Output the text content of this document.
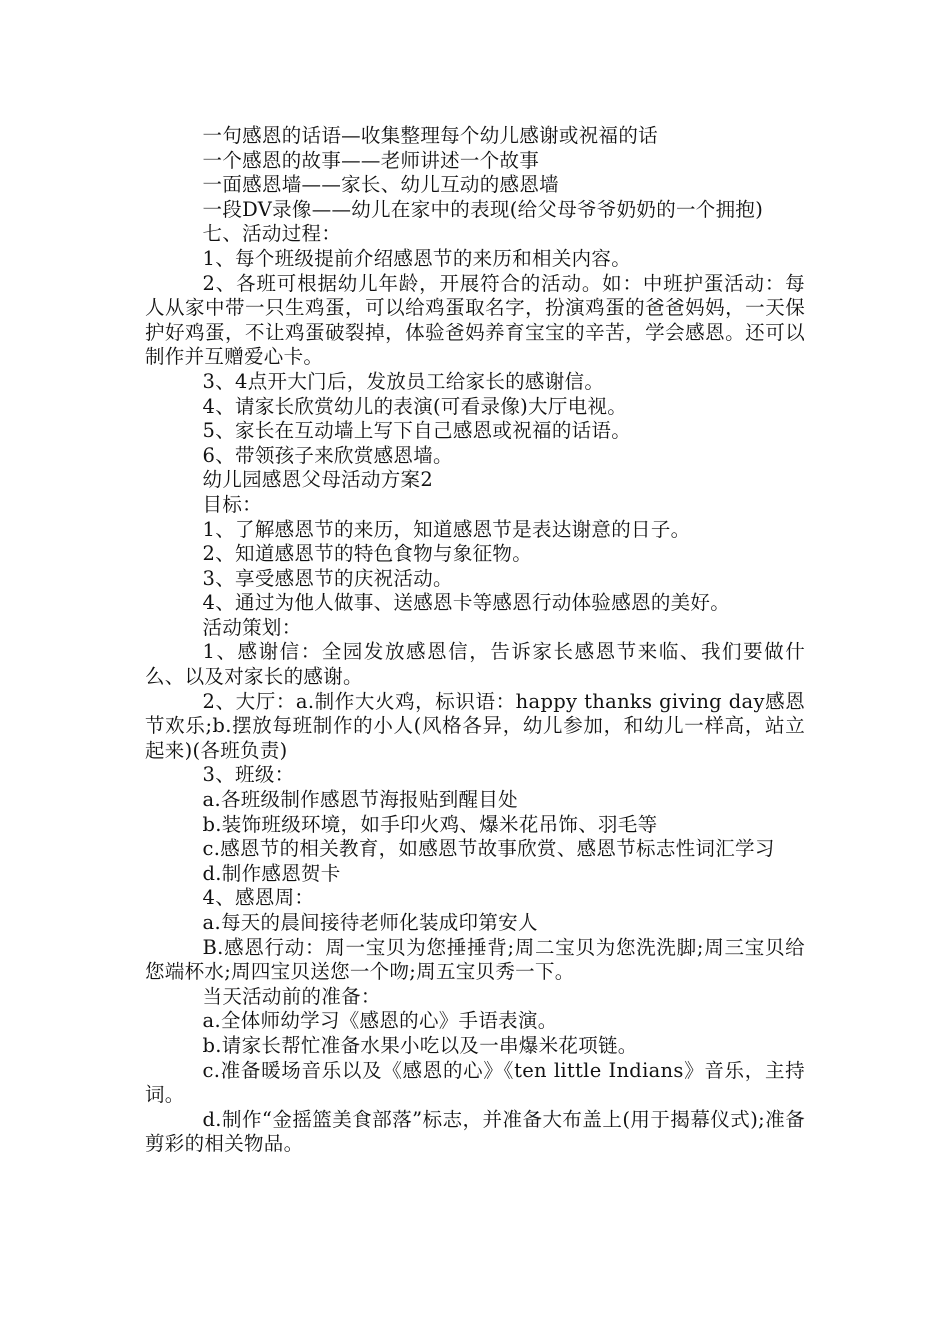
一句感恩的话语—收集整理每个幼儿感谢或祝福的话

一个感恩的故事——老师讲述一个故事

一面感恩墙——家长、幼儿互动的感恩墙

一段DV录像——幼儿在家中的表现(给父母爷爷奶奶的一个拥抱)

七、活动过程：

1、每个班级提前介绍感恩节的来历和相关内容。

2、各班可根据幼儿年龄，开展符合的活动。如：中班护蛋活动：每人从家中带一只生鸡蛋，可以给鸡蛋取名字，扮演鸡蛋的爸爸妈妈，一天保护好鸡蛋，不让鸡蛋破裂掉，体验爸妈养育宝宝的辛苦，学会感恩。还可以制作并互赠爱心卡。

3、4点开大门后，发放员工给家长的感谢信。

4、请家长欣赏幼儿的表演(可看录像)大厅电视。

5、家长在互动墙上写下自己感恩或祝福的话语。

6、带领孩子来欣赏感恩墙。

幼儿园感恩父母活动方案2

目标：

1、了解感恩节的来历，知道感恩节是表达谢意的日子。

2、知道感恩节的特色食物与象征物。

3、享受感恩节的庆祝活动。

4、通过为他人做事、送感恩卡等感恩行动体验感恩的美好。

活动策划：

1、感谢信：全园发放感恩信，告诉家长感恩节来临、我们要做什么、以及对家长的感谢。

2、大厅：a.制作大火鸡，标识语：happy thanks giving day感恩节欢乐;b.摆放每班制作的小人(风格各异，幼儿参加，和幼儿一样高，站立起来)(各班负责)

3、班级：

a.各班级制作感恩节海报贴到醒目处

b.装饰班级环境，如手印火鸡、爆米花吊饰、羽毛等

c.感恩节的相关教育，如感恩节故事欣赏、感恩节标志性词汇学习

d.制作感恩贺卡

4、感恩周：

a.每天的晨间接待老师化装成印第安人

B.感恩行动：周一宝贝为您捶捶背;周二宝贝为您洗洗脚;周三宝贝给您端杯水;周四宝贝送您一个吻;周五宝贝秀一下。

当天活动前的准备：

a.全体师幼学习《感恩的心》手语表演。

b.请家长帮忙准备水果小吃以及一串爆米花项链。

c.准备暖场音乐以及《感恩的心》《ten little Indians》音乐，主持词。

d.制作“金摇篮美食部落”标志，并准备大布盖上(用于揭幕仪式);准备剪彩的相关物品。
